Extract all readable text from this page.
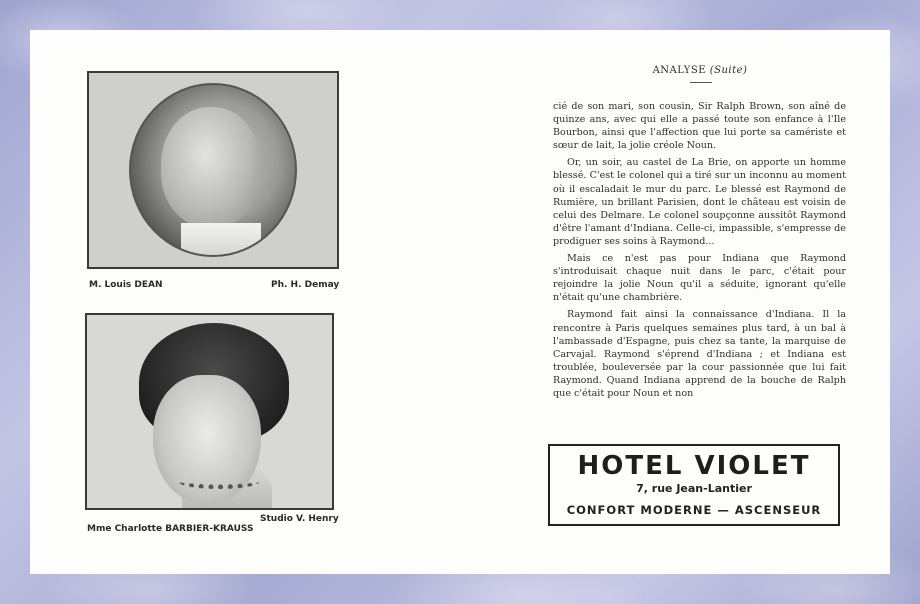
M. Louis DEAN	Ph. H. Demay
Studio V. Henry
Mme Charlotte BARBIER-KRAUSS
ANALYSE (Suite)

cié de son mari, son cousin, Sir Ralph Brown, son aîné de quinze ans, avec qui elle a passé toute son enfance à l'Ile Bourbon, ainsi que l'affection que lui porte sa camériste et sœur de lait, la jolie créole Noun.

Or, un soir, au castel de La Brie, on apporte un homme blessé. C'est le colonel qui a tiré sur un inconnu au moment où il escaladait le mur du parc. Le blessé est Raymond de Rumière, un brillant Parisien, dont le château est voisin de celui des Delmare. Le colonel soupçonne aussitôt Raymond d'être l'amant d'Indiana. Celle-ci, impassible, s'empresse de prodiguer ses soins à Raymond...

Mais ce n'est pas pour Indiana que Raymond s'introduisait chaque nuit dans le parc, c'était pour rejoindre la jolie Noun qu'il a séduite, ignorant qu'elle n'était qu'une chambrière.

Raymond fait ainsi la connaissance d'Indiana. Il la rencontre à Paris quelques semaines plus tard, à un bal à l'ambassade d'Espagne, puis chez sa tante, la marquise de Carvajal. Raymond s'éprend d'Indiana ; et Indiana est troublée, bouleversée par la cour passionnée que lui fait Raymond. Quand Indiana apprend de la bouche de Ralph que c'était pour Noun et non

HOTEL VIOLET
7, rue Jean-Lantier
CONFORT MODERNE — ASCENSEUR
